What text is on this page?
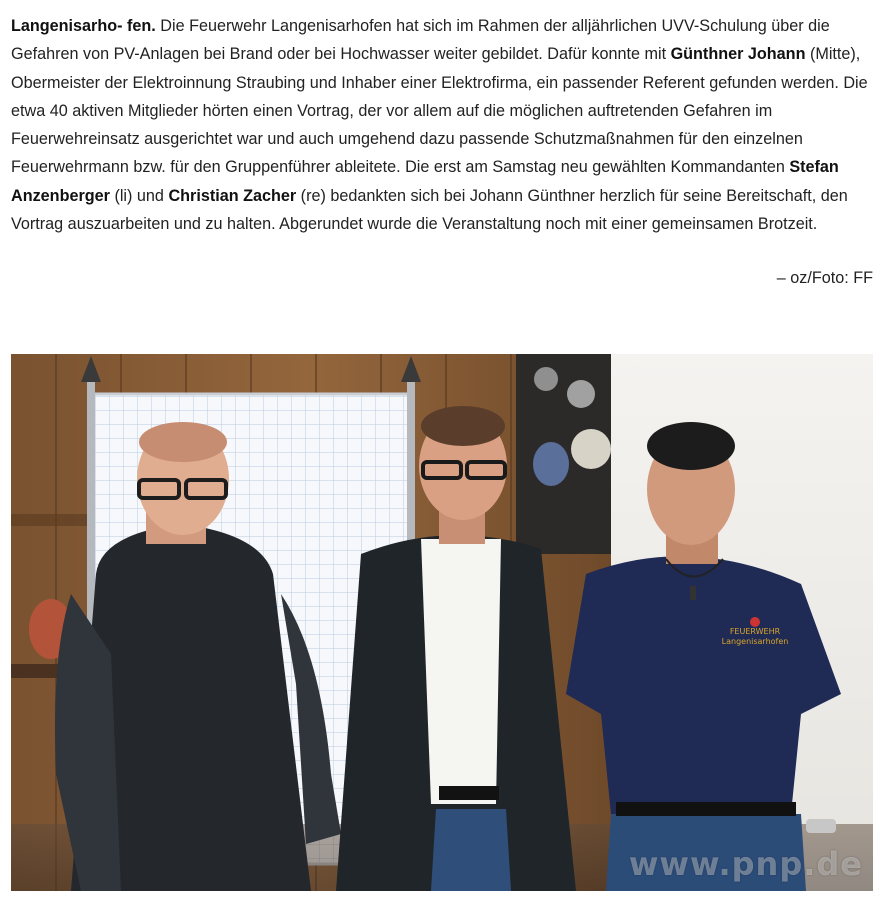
Langenisarho- fen. Die Feuerwehr Langenisarhofen hat sich im Rahmen der alljährlichen UVV-Schulung über die Gefahren von PV-Anlagen bei Brand oder bei Hochwasser weiter gebildet. Dafür konnte mit Günthner Johann (Mitte), Obermeister der Elektroinnung Straubing und Inhaber einer Elektrofirma, ein passender Referent gefunden werden. Die etwa 40 aktiven Mitglieder hörten einen Vortrag, der vor allem auf die möglichen auftretenden Gefahren im Feuerwehreinsatz ausgerichtet war und auch umgehend dazu passende Schutzmaßnahmen für den einzelnen Feuerwehrmann bzw. für den Gruppenführer ableitete. Die erst am Samstag neu gewählten Kommandanten Stefan Anzenberger (li) und Christian Zacher (re) bedankten sich bei Johann Günthner herzlich für seine Bereitschaft, den Vortrag auszuarbeiten und zu halten. Abgerundet wurde die Veranstaltung noch mit einer gemeinsamen Brotzeit.
– oz/Foto: FF
FEUERWEHR
Langenisarhofen
www.pnp.de
